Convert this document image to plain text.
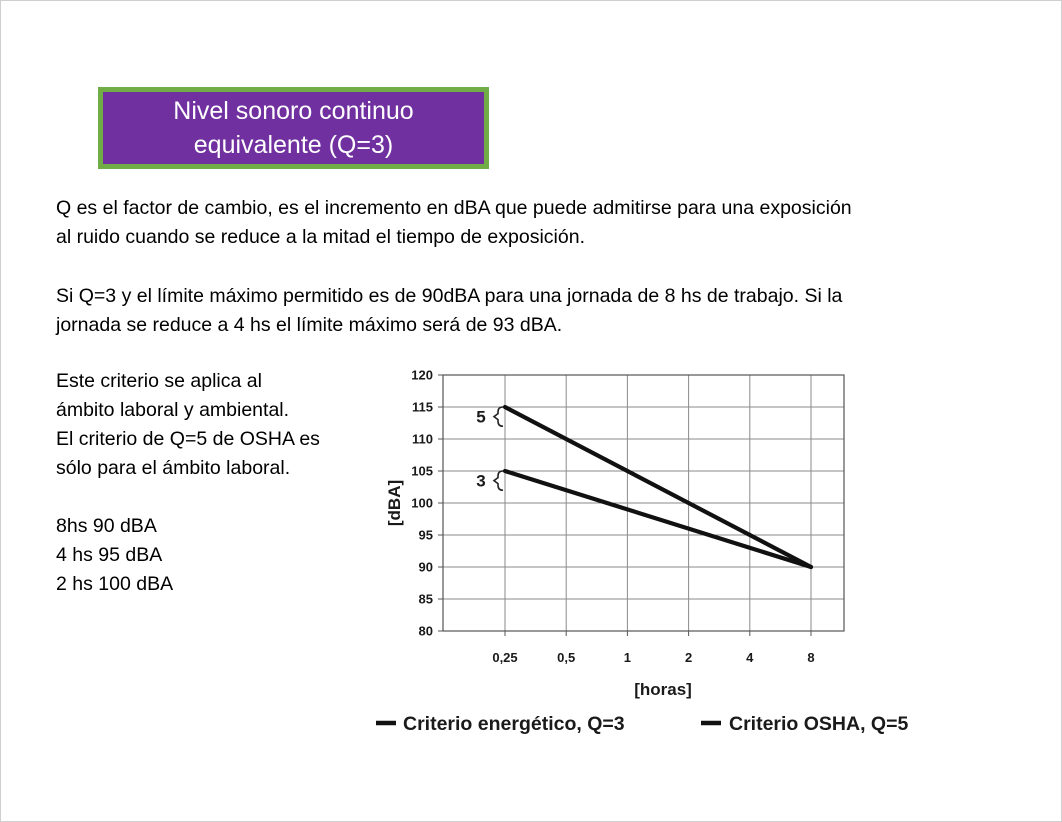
Nivel sonoro continuo
equivalente (Q=3)

Q es el factor de cambio, es el incremento en dBA que puede admitirse para una exposición
al ruido cuando se reduce a la mitad el tiempo de exposición.

Si Q=3 y el límite máximo permitido es de 90dBA para una jornada de 8 hs de trabajo. Si la
jornada se reduce a 4 hs el límite máximo será de 93 dBA.

Este criterio se aplica al
ámbito laboral y ambiental.
El criterio de Q=5 de OSHA es
sólo para el ámbito laboral.

8hs 90 dBA
4 hs 95 dBA
2 hs 100 dBA

5
3
80
85
90
95
100
105
110
115
120
0,25	0,5	1	2	4	8
[horas]
[dBA]
Criterio energético, Q=3	Criterio OSHA, Q=5
